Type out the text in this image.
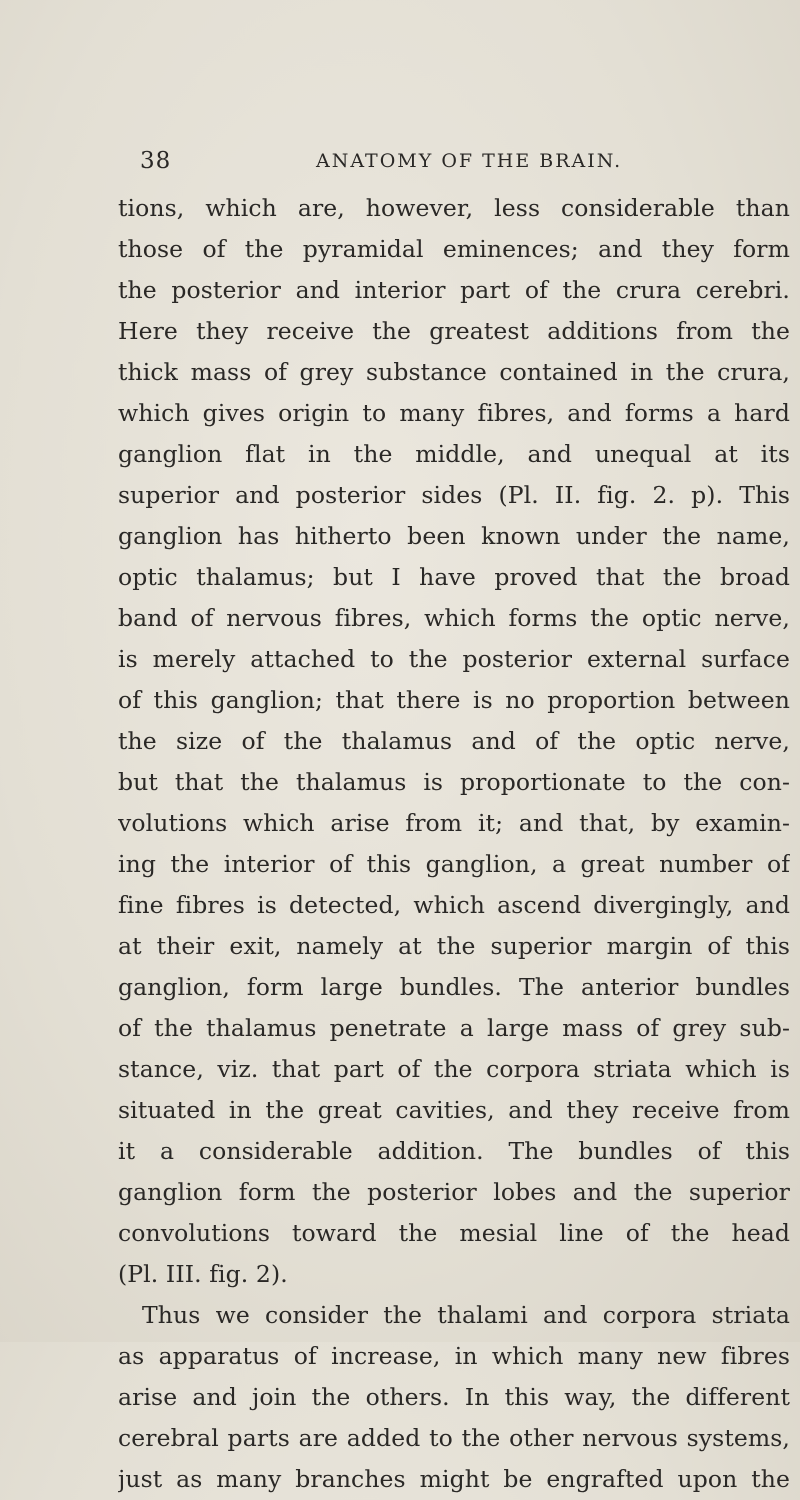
38	ANATOMY OF THE BRAIN.
tions, which are, however, less considerable than
those of the pyramidal eminences; and they form
the posterior and interior part of the crura cerebri.
Here they receive the greatest additions from the
thick mass of grey substance contained in the crura,
which gives origin to many fibres, and forms a hard
ganglion flat in the middle, and unequal at its
superior and posterior sides (Pl. II. fig. 2. p). This
ganglion has hitherto been known under the name,
optic thalamus; but I have proved that the broad
band of nervous fibres, which forms the optic nerve,
is merely attached to the posterior external surface
of this ganglion; that there is no proportion between
the size of the thalamus and of the optic nerve,
but that the thalamus is proportionate to the con-
volutions which arise from it; and that, by examin-
ing the interior of this ganglion, a great number of
fine fibres is detected, which ascend divergingly, and
at their exit, namely at the superior margin of this
ganglion, form large bundles. The anterior bundles
of the thalamus penetrate a large mass of grey sub-
stance, viz. that part of the corpora striata which is
situated in the great cavities, and they receive from
it a considerable addition. The bundles of this
ganglion form the posterior lobes and the superior
convolutions toward the mesial line of the head
(Pl. III. fig. 2).
Thus we consider the thalami and corpora striata
as apparatus of increase, in which many new fibres
arise and join the others. In this way, the different
cerebral parts are added to the other nervous systems,
just as many branches might be engrafted upon the
